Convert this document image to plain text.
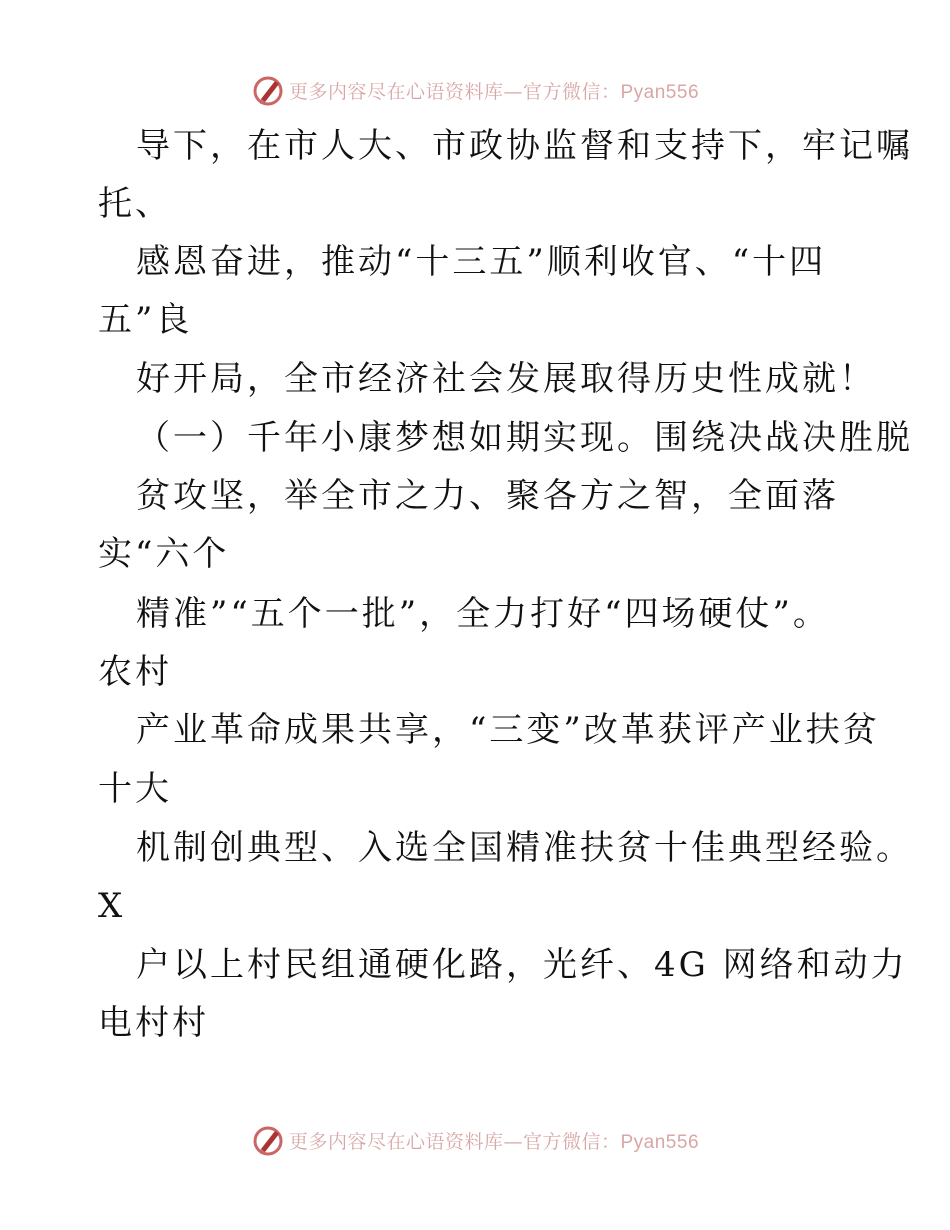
更多内容尽在心语资料库—官方微信：Pyan556
导下，在市人大、市政协监督和支持下，牢记嘱
托、
感恩奋进，推动“十三五”顺利收官、“十四
五”良
好开局，全市经济社会发展取得历史性成就！
（一）千年小康梦想如期实现。围绕决战决胜脱
贫攻坚，举全市之力、聚各方之智，全面落
实“六个
精准”“五个一批”，全力打好“四场硬仗”。
农村
产业革命成果共享，“三变”改革获评产业扶贫
十大
机制创典型、入选全国精准扶贫十佳典型经验。
X
户以上村民组通硬化路，光纤、4G 网络和动力
电村村
更多内容尽在心语资料库—官方微信：Pyan556
